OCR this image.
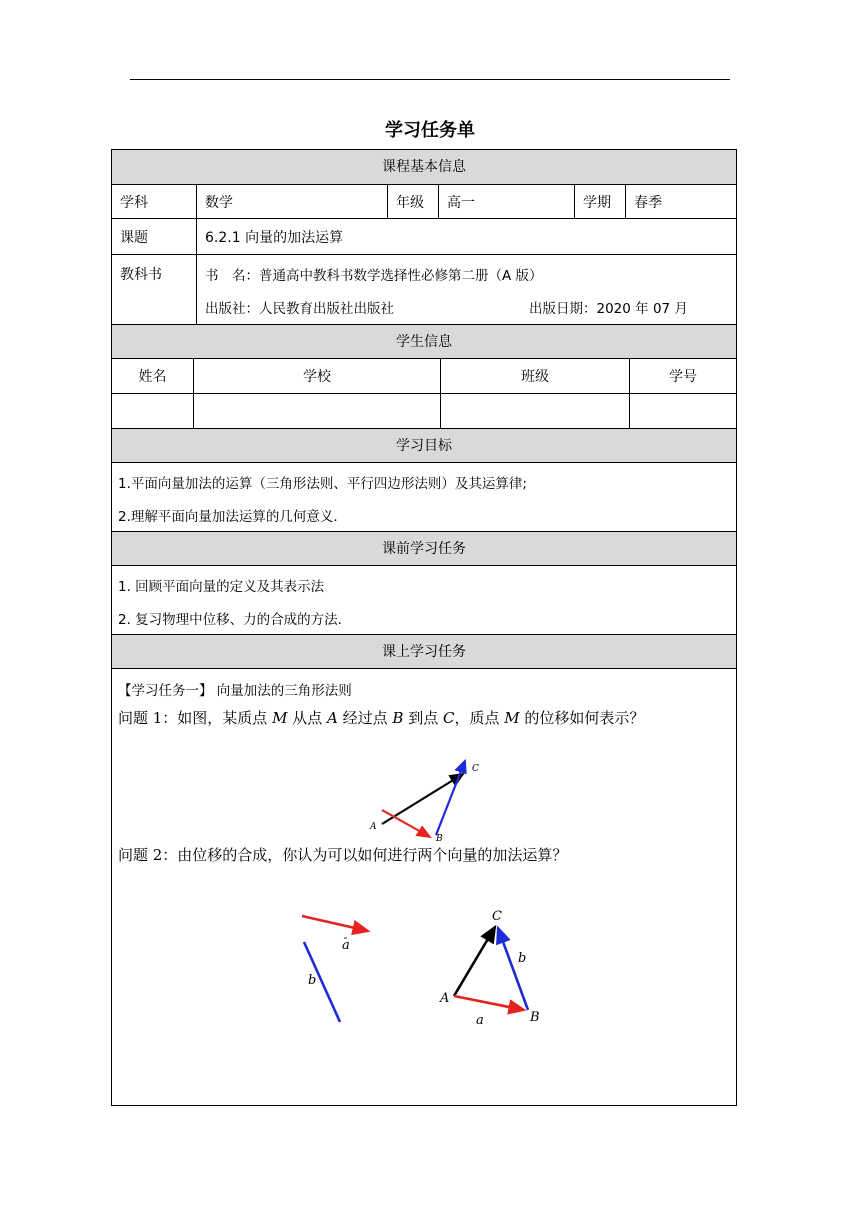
学习任务单
课程基本信息
学科	数学	年级	高一	学期	春季
课题	6.2.1 向量的加法运算
教科书	书　名：普通高中教科书数学选择性必修第二册（A 版）
出版社：人民教育出版社出版社	出版日期：2020 年 07 月
学生信息
姓名	学校	班级	学号
学习目标
1.平面向量加法的运算（三角形法则、平行四边形法则）及其运算律;
2.理解平面向量加法运算的几何意义.
课前学习任务
1. 回顾平面向量的定义及其表示法
2. 复习物理中位移、力的合成的方法.
课上学习任务
【学习任务一】 向量加法的三角形法则
问题 1：如图，某质点 M 从点 A 经过点 B 到点 C，质点 M 的位移如何表示？
A
B
C
问题 2：由位移的合成，你认为可以如何进行两个向量的加法运算？
a
b
A
B
C
a
b
